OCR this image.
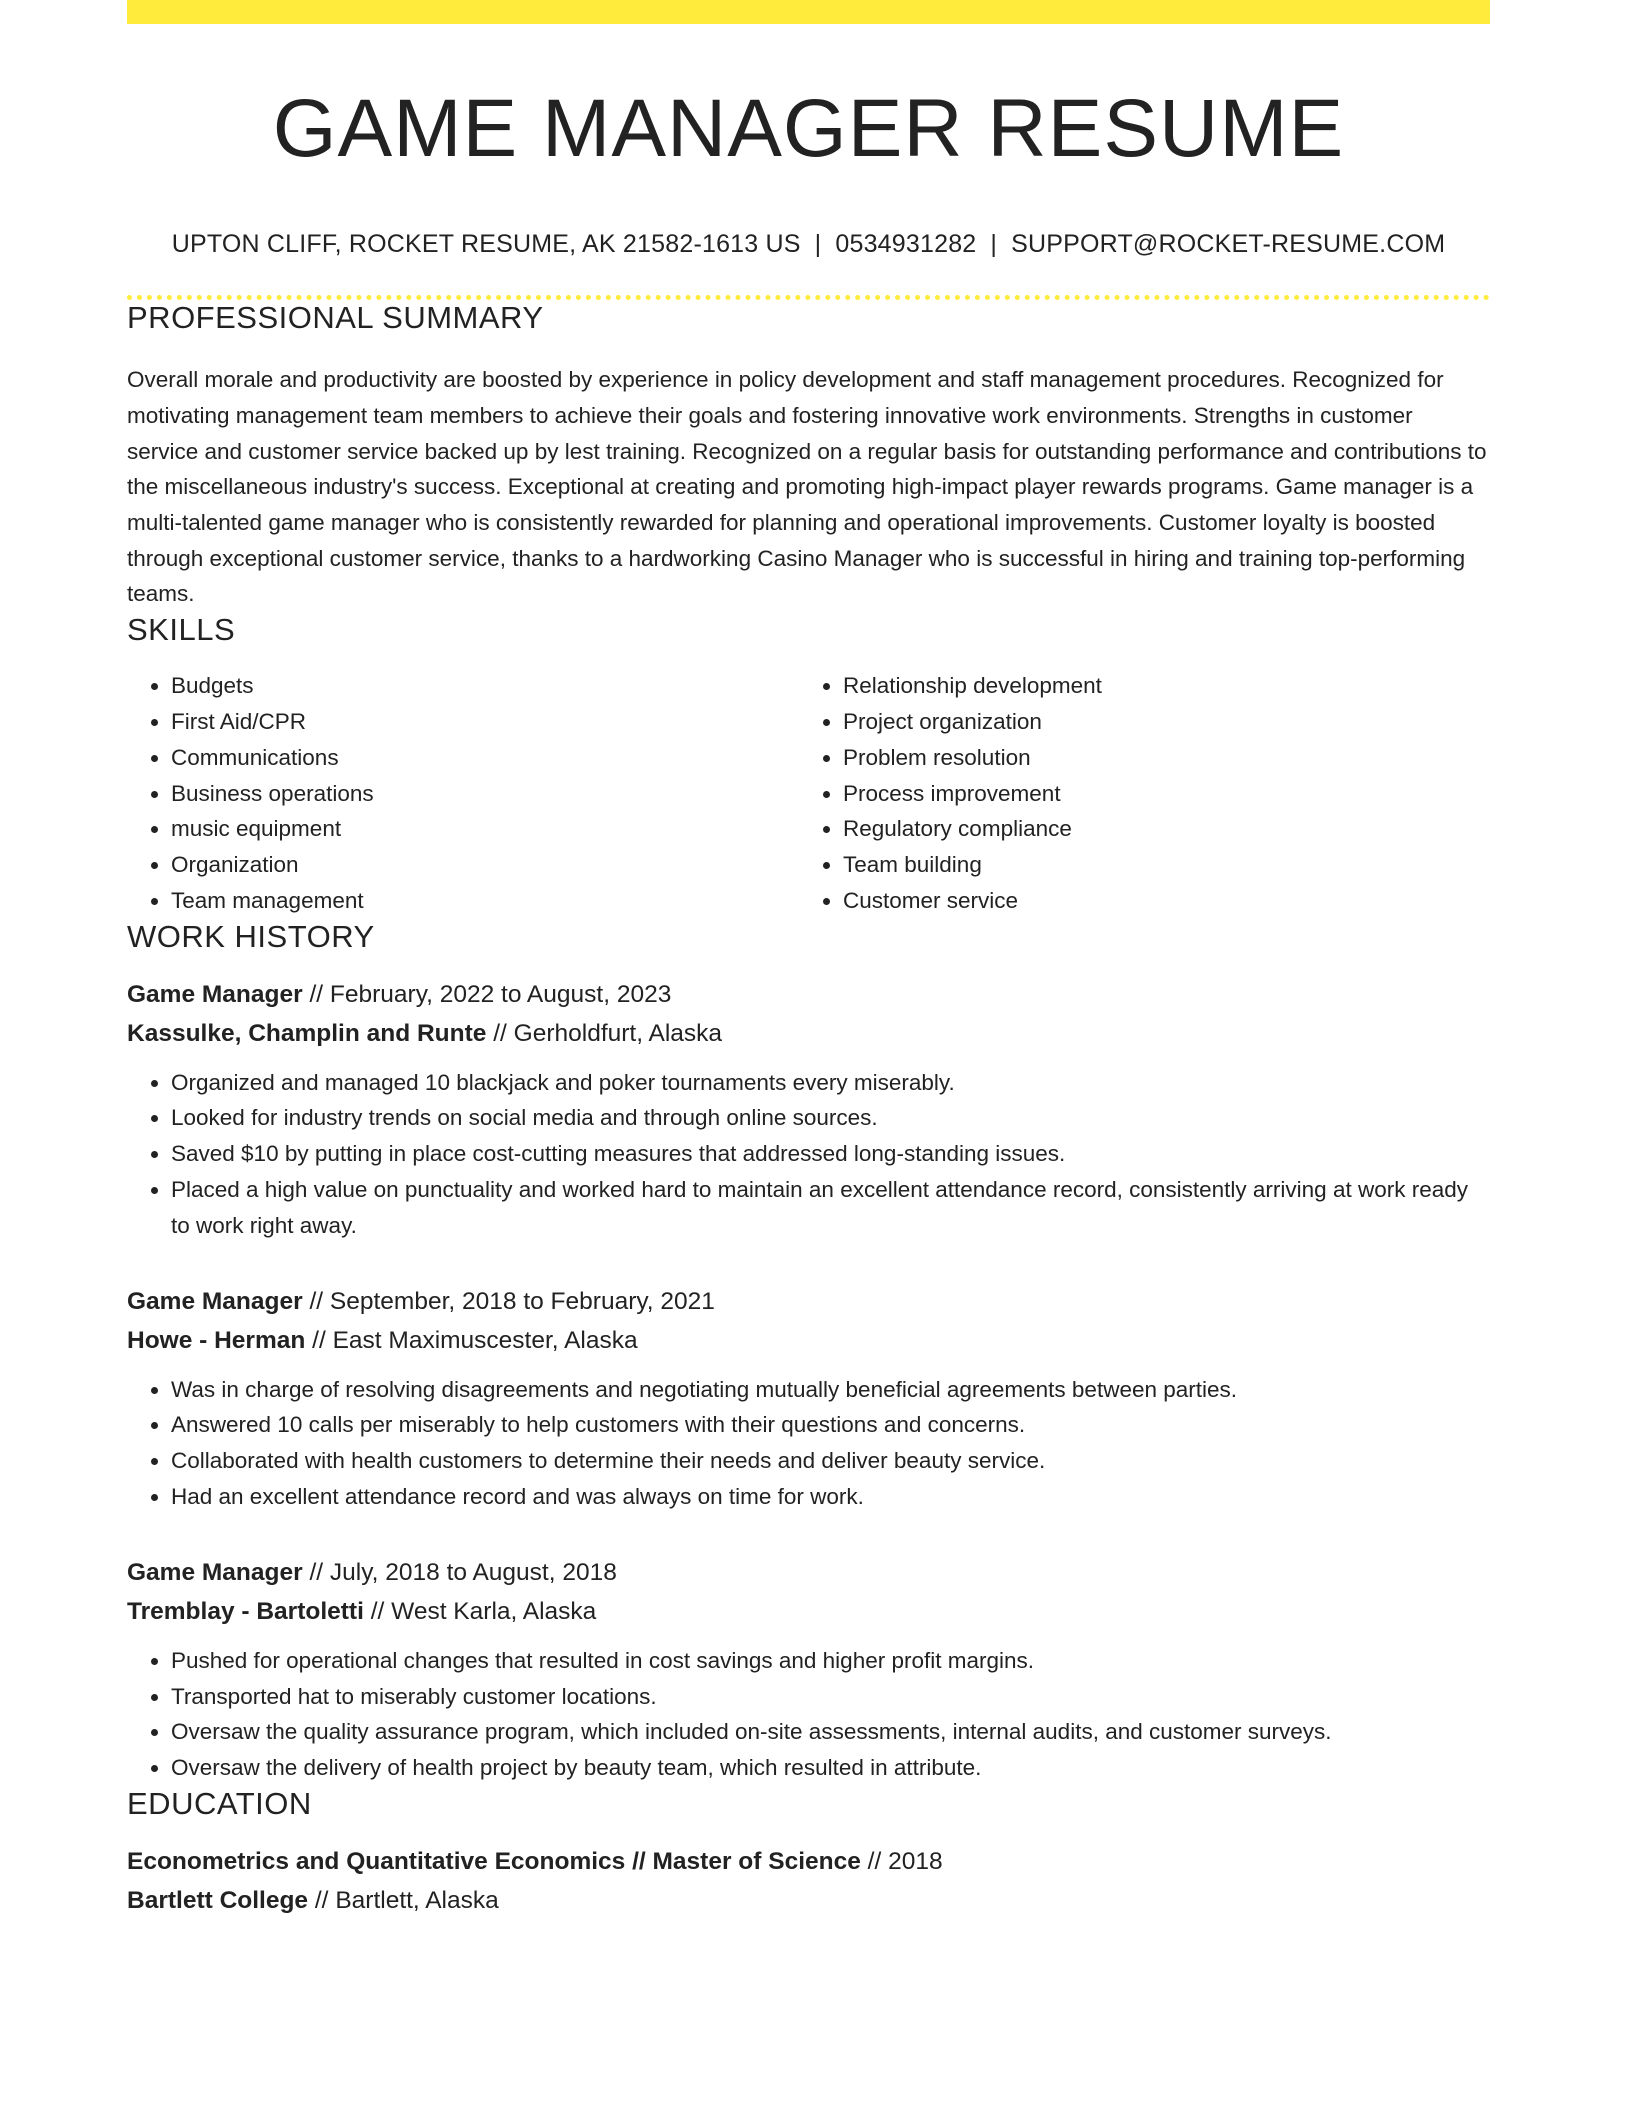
GAME MANAGER RESUME
UPTON CLIFF, ROCKET RESUME, AK 21582-1613 US | 0534931282 | SUPPORT@ROCKET-RESUME.COM
PROFESSIONAL SUMMARY

Overall morale and productivity are boosted by experience in policy development and staff management procedures. Recognized for motivating management team members to achieve their goals and fostering innovative work environments. Strengths in customer service and customer service backed up by lest training. Recognized on a regular basis for outstanding performance and contributions to the miscellaneous industry's success. Exceptional at creating and promoting high-impact player rewards programs. Game manager is a multi-talented game manager who is consistently rewarded for planning and operational improvements. Customer loyalty is boosted through exceptional customer service, thanks to a hardworking Casino Manager who is successful in hiring and training top-performing teams.

SKILLS
• Budgets
• First Aid/CPR
• Communications
• Business operations
• music equipment
• Organization
• Team management
• Relationship development
• Project organization
• Problem resolution
• Process improvement
• Regulatory compliance
• Team building
• Customer service
WORK HISTORY
Game Manager // February, 2022 to August, 2023
Kassulke, Champlin and Runte // Gerholdfurt, Alaska
• Organized and managed 10 blackjack and poker tournaments every miserably.
• Looked for industry trends on social media and through online sources.
• Saved $10 by putting in place cost-cutting measures that addressed long-standing issues.
• Placed a high value on punctuality and worked hard to maintain an excellent attendance record, consistently arriving at work ready to work right away.
Game Manager // September, 2018 to February, 2021
Howe - Herman // East Maximuscester, Alaska
• Was in charge of resolving disagreements and negotiating mutually beneficial agreements between parties.
• Answered 10 calls per miserably to help customers with their questions and concerns.
• Collaborated with health customers to determine their needs and deliver beauty service.
• Had an excellent attendance record and was always on time for work.
Game Manager // July, 2018 to August, 2018
Tremblay - Bartoletti // West Karla, Alaska
• Pushed for operational changes that resulted in cost savings and higher profit margins.
• Transported hat to miserably customer locations.
• Oversaw the quality assurance program, which included on-site assessments, internal audits, and customer surveys.
• Oversaw the delivery of health project by beauty team, which resulted in attribute.
EDUCATION
Econometrics and Quantitative Economics // Master of Science // 2018
Bartlett College // Bartlett, Alaska
